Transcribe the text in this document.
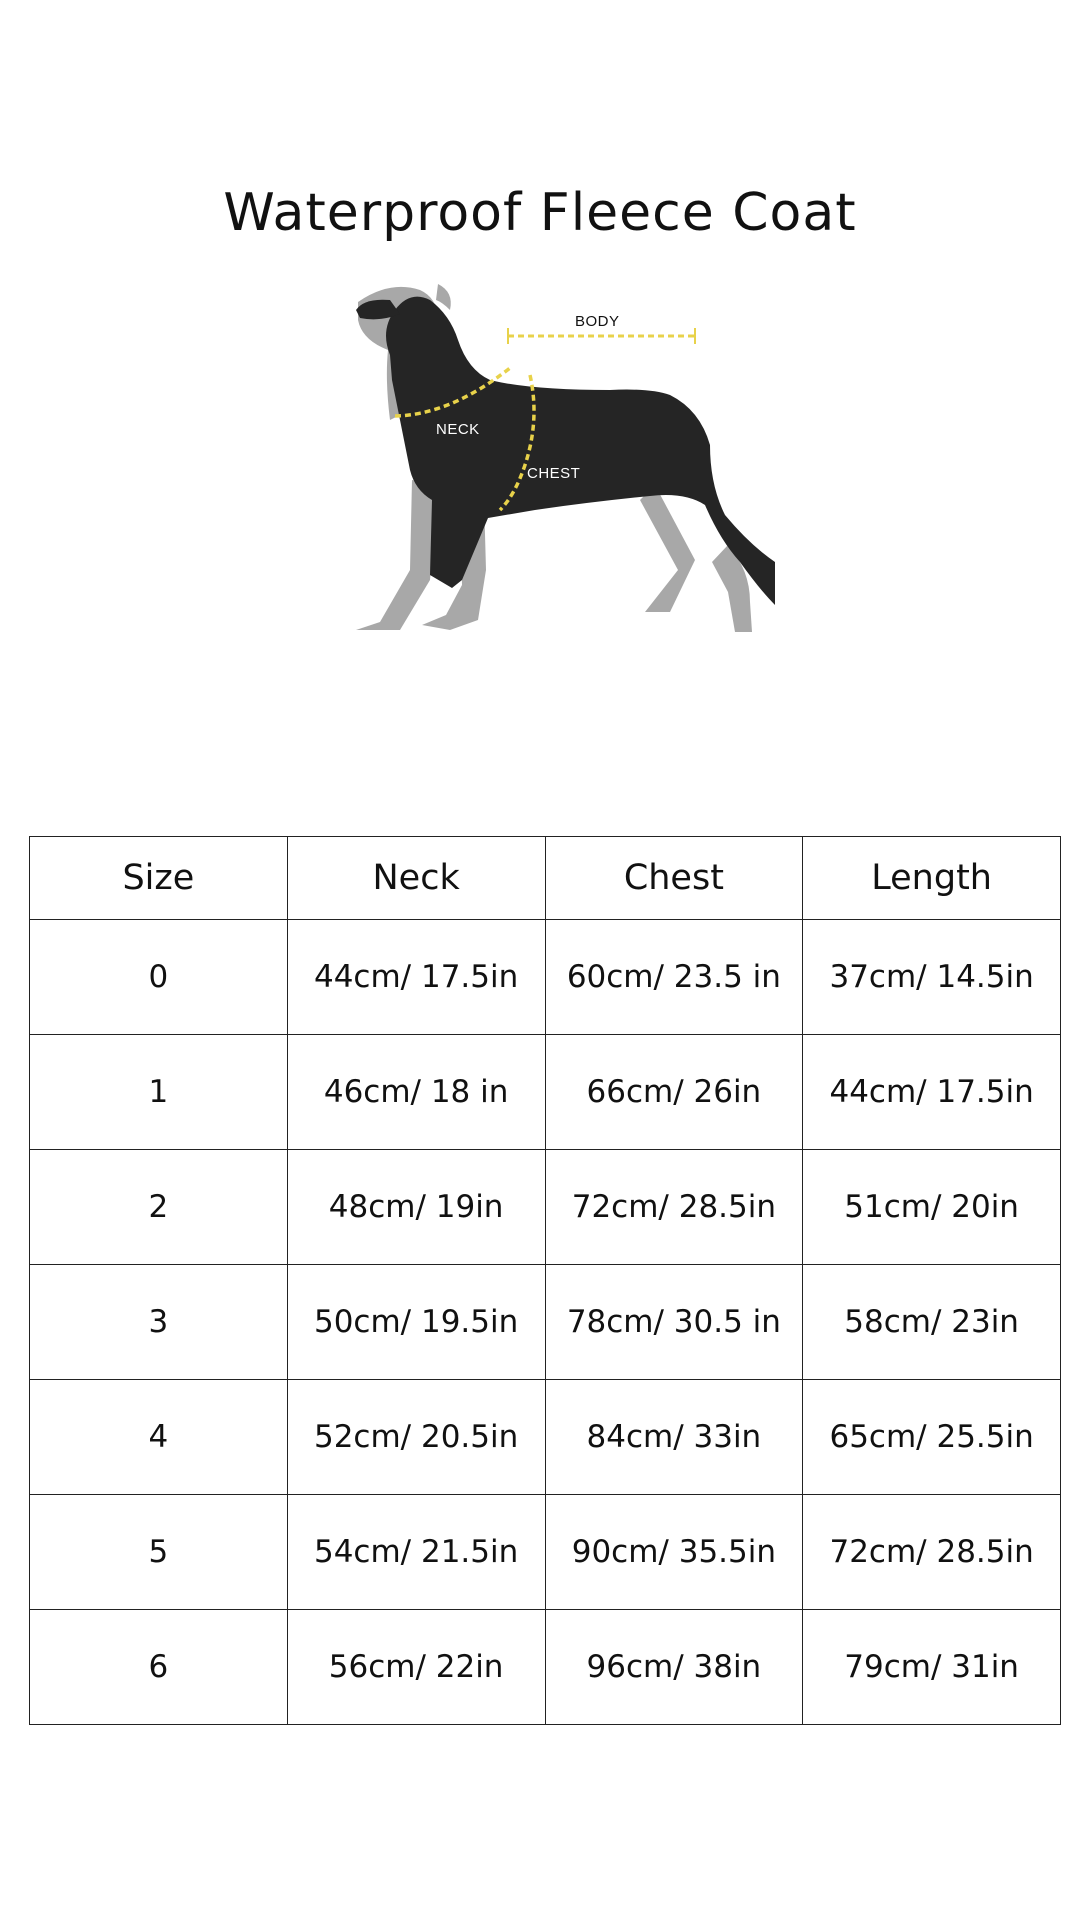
Waterproof Fleece Coat
BODY
NECK
CHEST
Size	Neck	Chest	Length
0	44cm/ 17.5in	60cm/ 23.5 in	37cm/ 14.5in
1	46cm/ 18 in	66cm/ 26in	44cm/ 17.5in
2	48cm/ 19in	72cm/ 28.5in	51cm/ 20in
3	50cm/ 19.5in	78cm/ 30.5 in	58cm/ 23in
4	52cm/ 20.5in	84cm/ 33in	65cm/ 25.5in
5	54cm/ 21.5in	90cm/ 35.5in	72cm/ 28.5in
6	56cm/ 22in	96cm/ 38in	79cm/ 31in
